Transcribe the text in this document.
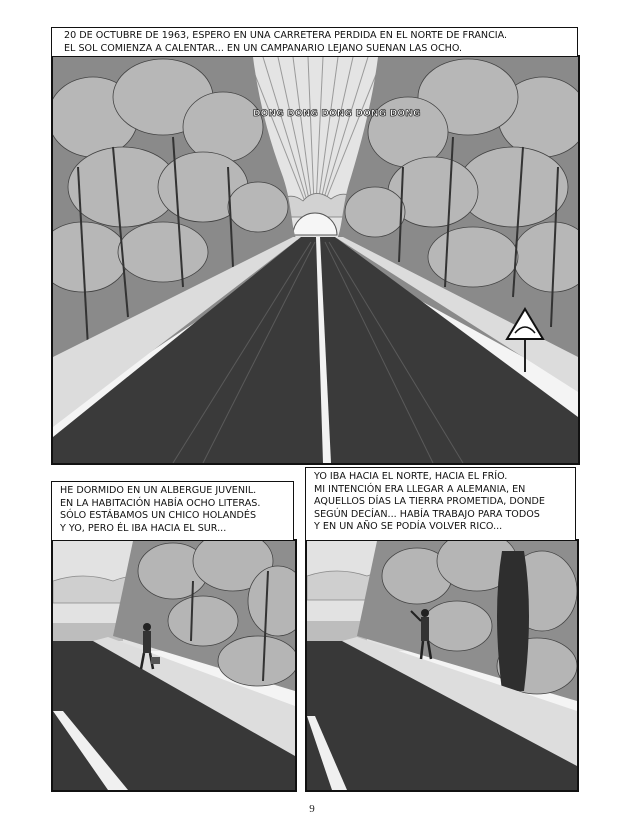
DONG DONG DONG DONG DONG
20 DE OCTUBRE DE 1963, ESPERO EN UNA CARRETERA PERDIDA EN EL NORTE DE FRANCIA.
EL SOL COMIENZA A CALENTAR... EN UN CAMPANARIO LEJANO SUENAN LAS OCHO.
HE DORMIDO EN UN ALBERGUE JUVENIL.
EN LA HABITACIÓN HABÍA OCHO LITERAS.
SÓLO ESTÁBAMOS UN CHICO HOLANDÉS
Y YO, PERO ÉL IBA HACIA EL SUR...
YO IBA HACIA EL NORTE, HACIA EL FRÍO.
MI INTENCIÓN ERA LLEGAR A ALEMANIA, EN
AQUELLOS DÍAS LA TIERRA PROMETIDA, DONDE
SEGÚN DECÍAN... HABÍA TRABAJO PARA TODOS
Y EN UN AÑO SE PODÍA VOLVER RICO...
9
